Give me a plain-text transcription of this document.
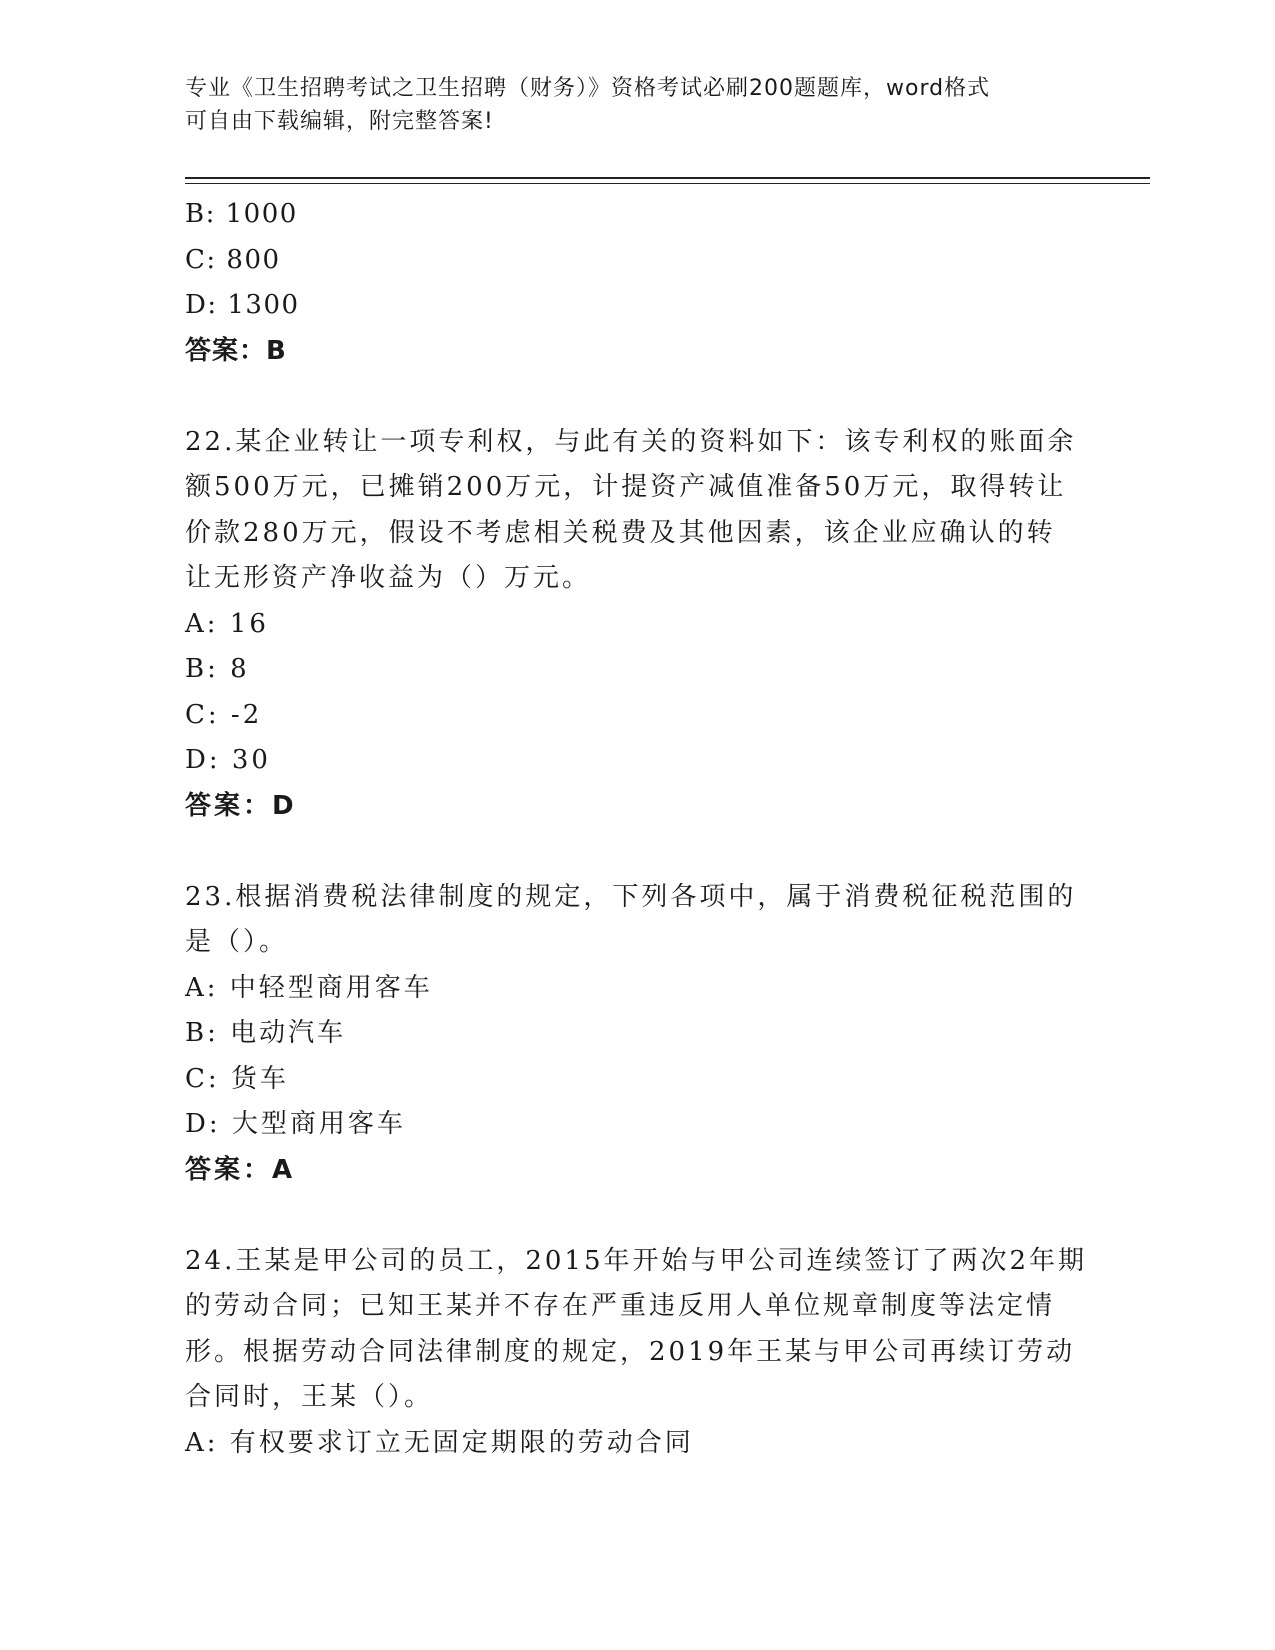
专业《卫生招聘考试之卫生招聘（财务）》资格考试必刷200题题库，word格式
可自由下载编辑，附完整答案!
B: 1000
C: 800
D: 1300
答案：B
22.某企业转让一项专利权，与此有关的资料如下：该专利权的账面余
额500万元，已摊销200万元，计提资产减值准备50万元，取得转让
价款280万元，假设不考虑相关税费及其他因素，该企业应确认的转
让无形资产净收益为（）万元。
A: 16
B: 8
C: -2
D: 30
答案：D
23.根据消费税法律制度的规定，下列各项中，属于消费税征税范围的
是（）。
A: 中轻型商用客车
B: 电动汽车
C: 货车
D: 大型商用客车
答案：A
24.王某是甲公司的员工，2015年开始与甲公司连续签订了两次2年期
的劳动合同；已知王某并不存在严重违反用人单位规章制度等法定情
形。根据劳动合同法律制度的规定，2019年王某与甲公司再续订劳动
合同时，王某（）。
A: 有权要求订立无固定期限的劳动合同
